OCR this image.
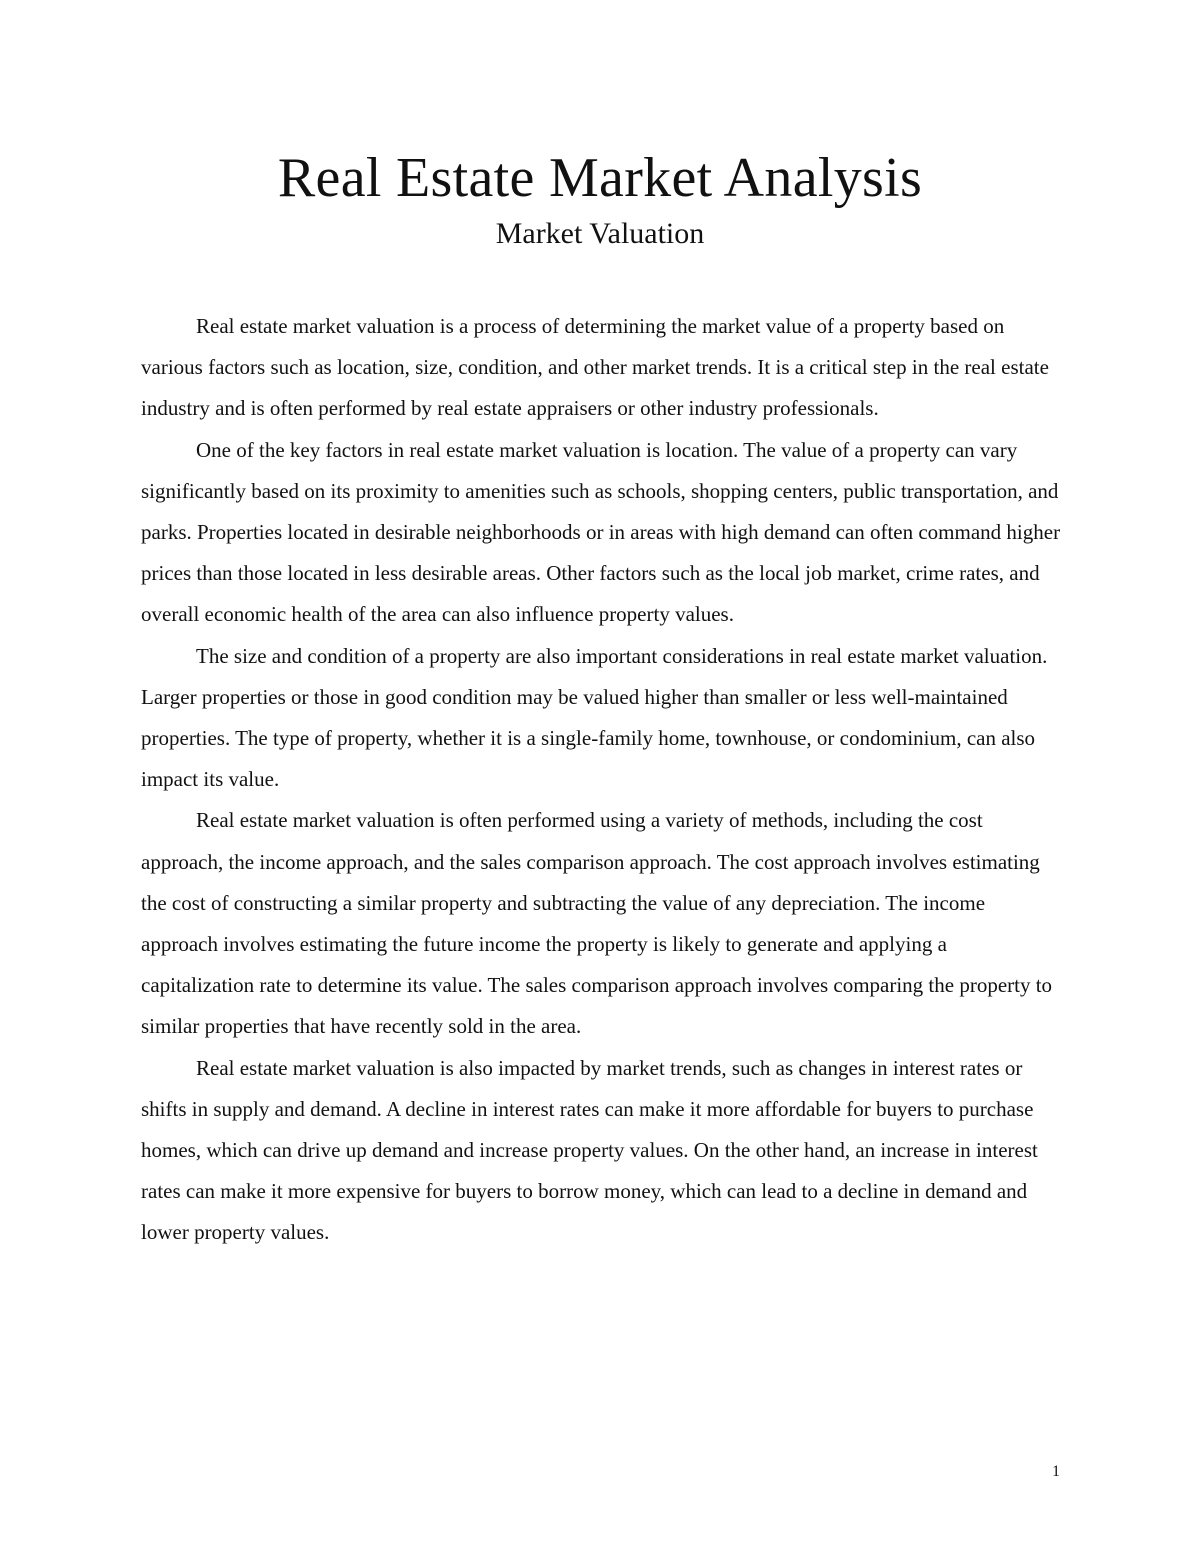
Real Estate Market Analysis
Market Valuation

Real estate market valuation is a process of determining the market value of a property based on various factors such as location, size, condition, and other market trends. It is a critical step in the real estate industry and is often performed by real estate appraisers or other industry professionals.

One of the key factors in real estate market valuation is location. The value of a property can vary significantly based on its proximity to amenities such as schools, shopping centers, public transportation, and parks. Properties located in desirable neighborhoods or in areas with high demand can often command higher prices than those located in less desirable areas. Other factors such as the local job market, crime rates, and overall economic health of the area can also influence property values.

The size and condition of a property are also important considerations in real estate market valuation. Larger properties or those in good condition may be valued higher than smaller or less well-maintained properties. The type of property, whether it is a single-family home, townhouse, or condominium, can also impact its value.

Real estate market valuation is often performed using a variety of methods, including the cost approach, the income approach, and the sales comparison approach. The cost approach involves estimating the cost of constructing a similar property and subtracting the value of any depreciation. The income approach involves estimating the future income the property is likely to generate and applying a capitalization rate to determine its value. The sales comparison approach involves comparing the property to similar properties that have recently sold in the area.

Real estate market valuation is also impacted by market trends, such as changes in interest rates or shifts in supply and demand. A decline in interest rates can make it more affordable for buyers to purchase homes, which can drive up demand and increase property values. On the other hand, an increase in interest rates can make it more expensive for buyers to borrow money, which can lead to a decline in demand and lower property values.

1
